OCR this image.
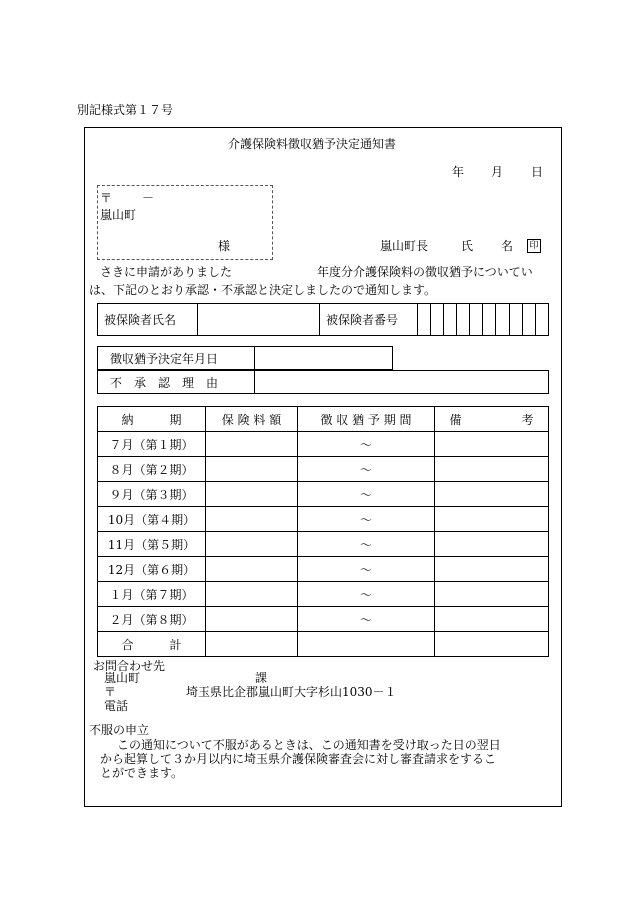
別記様式第１７号
介護保険料徴収猶予決定通知書
年 月 日
〒 －
嵐山町
様	嵐山町長	氏 名 印
さきに申請がありました	年度分介護保険料の徴収猶予についてい
は、下記のとおり承認・不承認と決定しましたので通知します。
被保険者氏名		被保険者番号										
徴収猶予決定年月日	
不　承　認　理　由	
納　　　期	保 険 料 額	徴 収 猶 予 期 間	備　　　　　考
７月（第１期）		～	
８月（第２期）		～	
９月（第３期）		～	
10月（第４期）		～	
11月（第５期）		～	
12月（第６期）		～	
１月（第７期）		～	
２月（第８期）		～	
合　　　計			
お問合わせ先
嵐山町	課
〒	埼玉県比企郡嵐山町大字杉山1030－１
電話
不服の申立
この通知について不服があるときは、この通知書を受け取った日の翌日
から起算して３か月以内に埼玉県介護保険審査会に対し審査請求をするこ
とができます。
